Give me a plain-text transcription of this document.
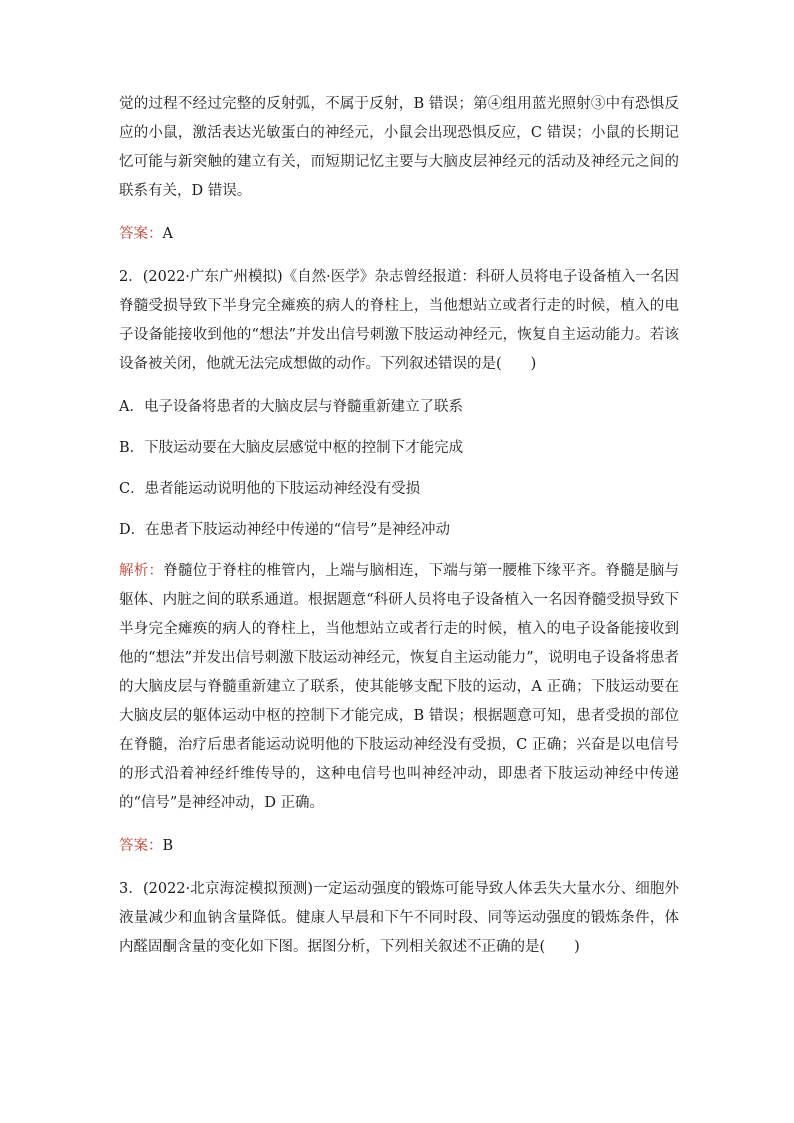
觉的过程不经过完整的反射弧，不属于反射，B 错误；第④组用蓝光照射③中有恐惧反应的小鼠，激活表达光敏蛋白的神经元，小鼠会出现恐惧反应，C 错误；小鼠的长期记忆可能与新突触的建立有关，而短期记忆主要与大脑皮层神经元的活动及神经元之间的联系有关，D 错误。

答案：A

2．(2022·广东广州模拟)《自然·医学》杂志曾经报道：科研人员将电子设备植入一名因脊髓受损导致下半身完全瘫痪的病人的脊柱上，当他想站立或者行走的时候，植入的电子设备能接收到他的“想法”并发出信号刺激下肢运动神经元，恢复自主运动能力。若该设备被关闭，他就无法完成想做的动作。下列叙述错误的是(　　)

A．电子设备将患者的大脑皮层与脊髓重新建立了联系

B．下肢运动要在大脑皮层感觉中枢的控制下才能完成

C．患者能运动说明他的下肢运动神经没有受损

D．在患者下肢运动神经中传递的“信号”是神经冲动

解析：脊髓位于脊柱的椎管内，上端与脑相连，下端与第一腰椎下缘平齐。脊髓是脑与躯体、内脏之间的联系通道。根据题意“科研人员将电子设备植入一名因脊髓受损导致下半身完全瘫痪的病人的脊柱上，当他想站立或者行走的时候，植入的电子设备能接收到他的“想法”并发出信号刺激下肢运动神经元，恢复自主运动能力”，说明电子设备将患者的大脑皮层与脊髓重新建立了联系，使其能够支配下肢的运动，A 正确；下肢运动要在大脑皮层的躯体运动中枢的控制下才能完成，B 错误；根据题意可知，患者受损的部位在脊髓，治疗后患者能运动说明他的下肢运动神经没有受损，C 正确；兴奋是以电信号的形式沿着神经纤维传导的，这种电信号也叫神经冲动，即患者下肢运动神经中传递的“信号”是神经冲动，D 正确。

答案：B

3．(2022·北京海淀模拟预测)一定运动强度的锻炼可能导致人体丢失大量水分、细胞外液量减少和血钠含量降低。健康人早晨和下午不同时段、同等运动强度的锻炼条件，体内醛固酮含量的变化如下图。据图分析，下列相关叙述不正确的是(　　)
